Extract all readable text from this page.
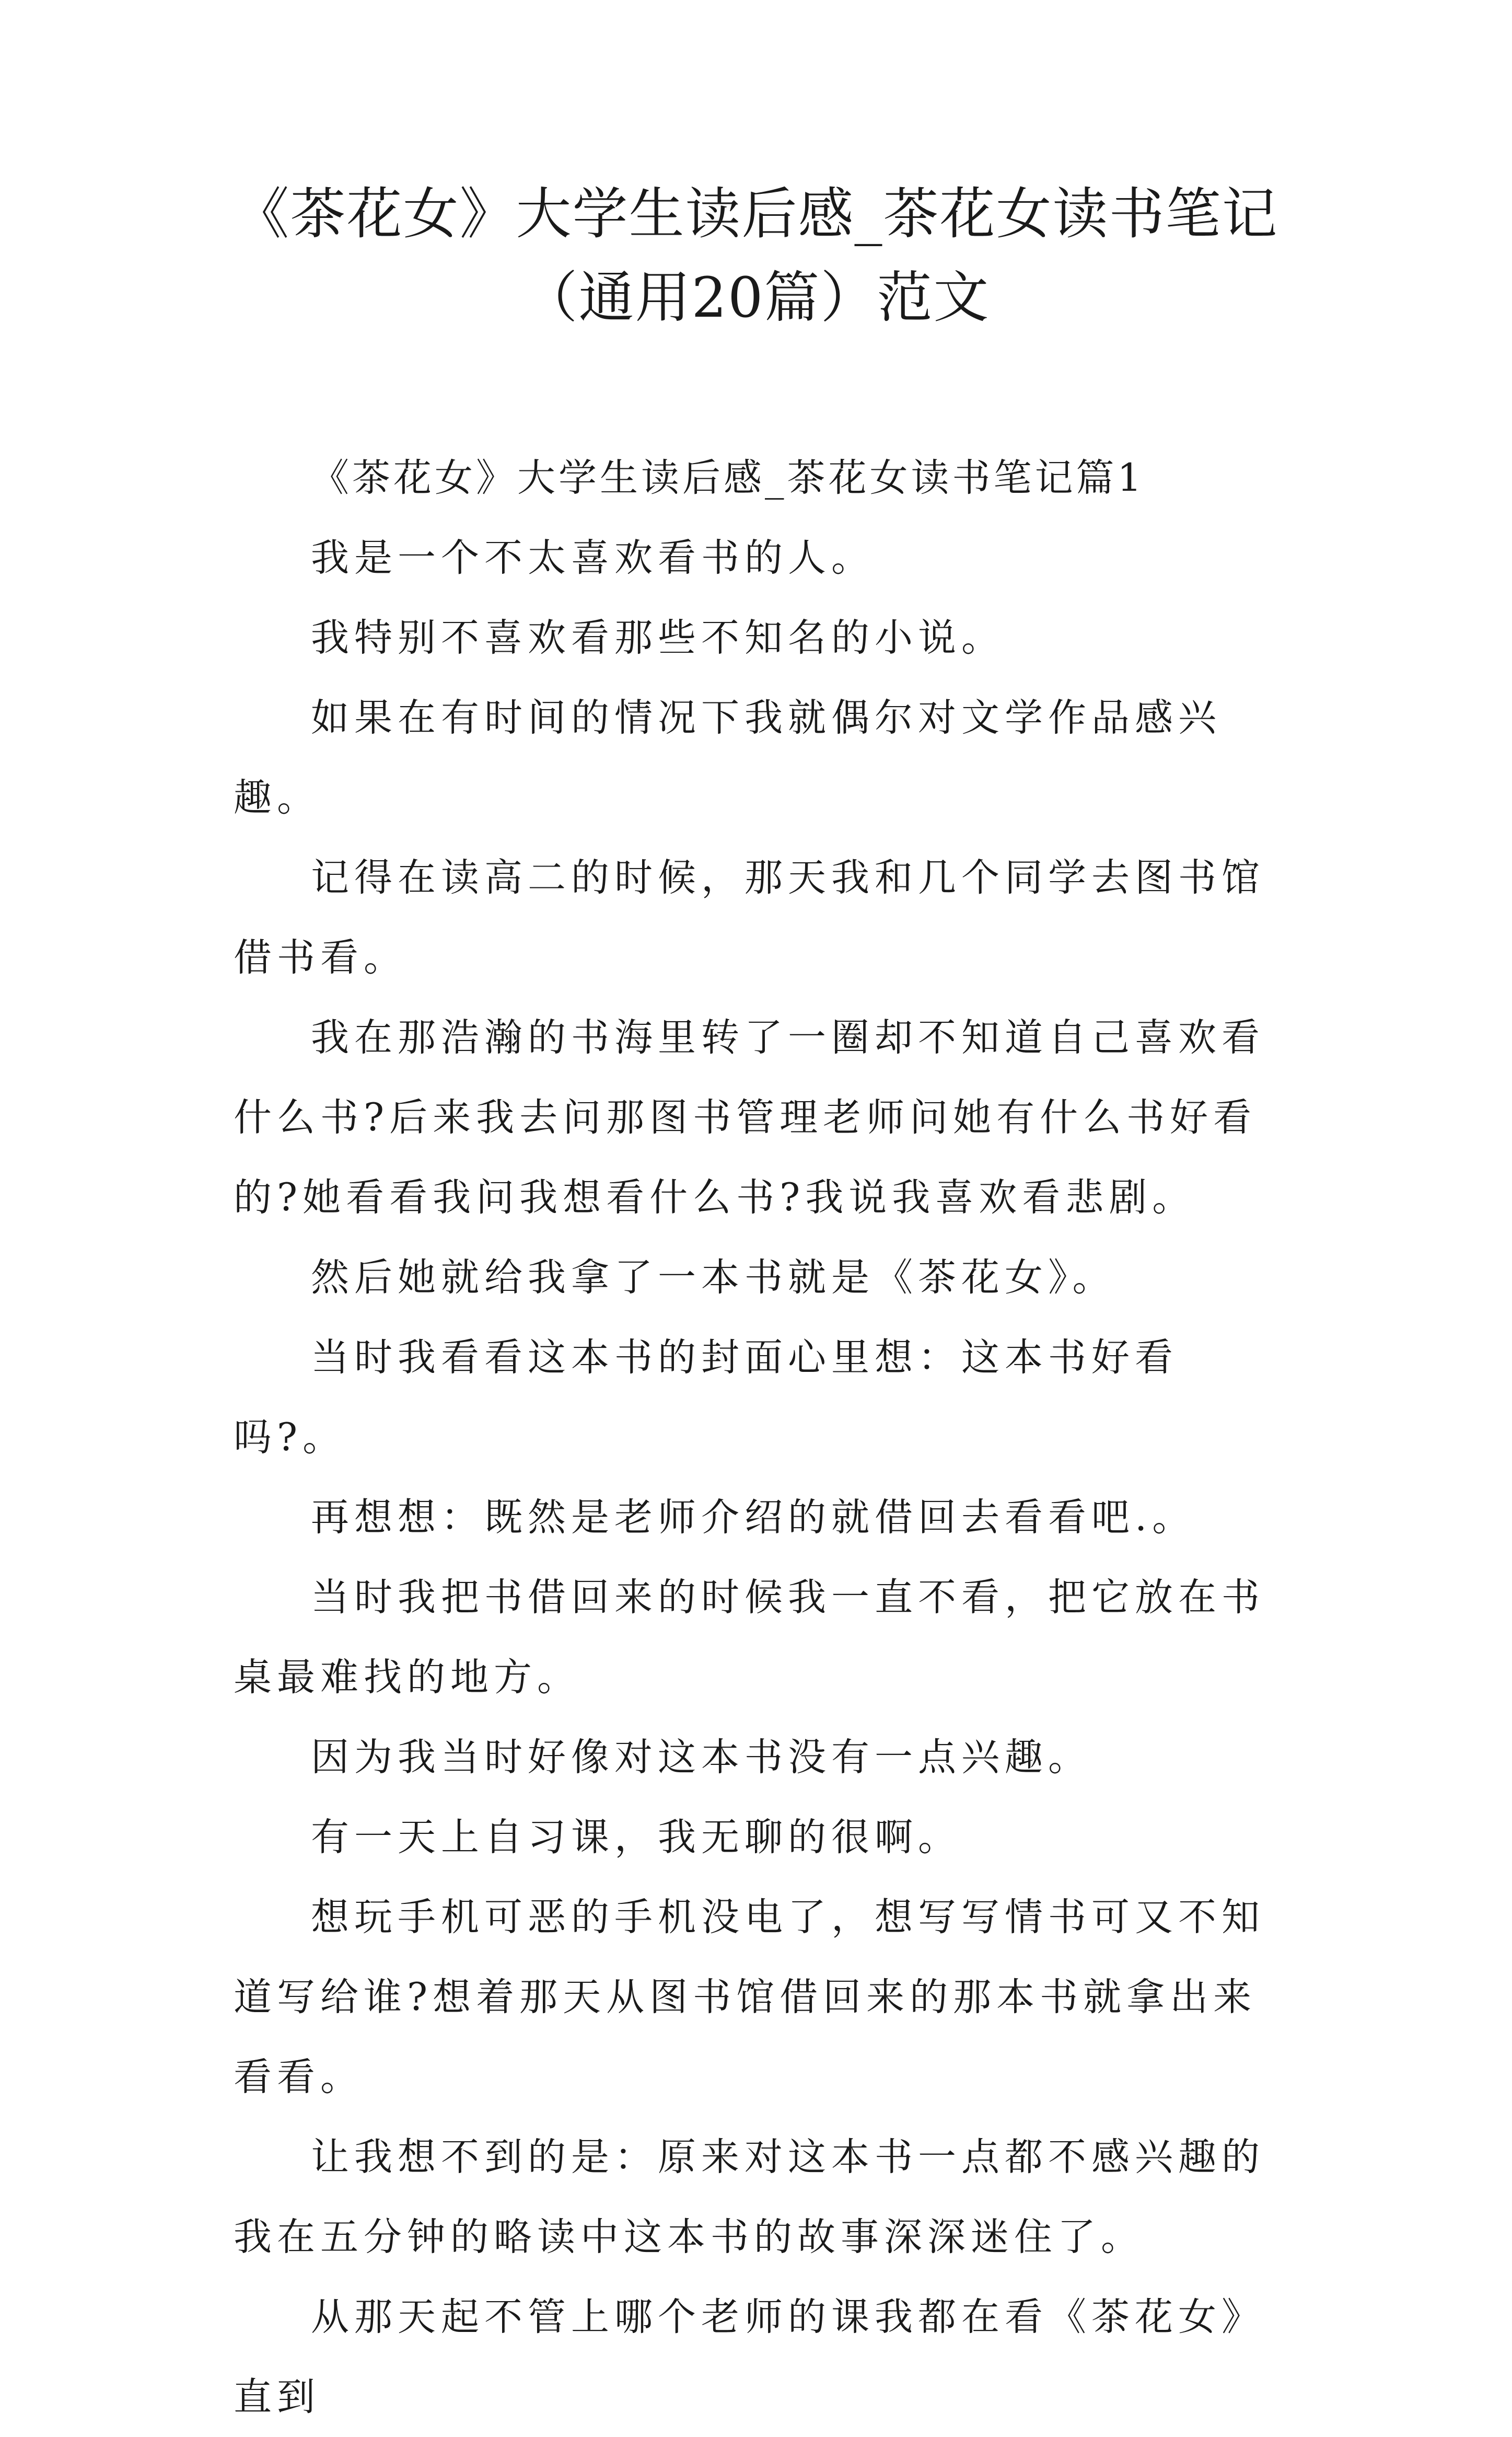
《茶花女》大学生读后感_茶花女读书笔记
（通用20篇）范文

《茶花女》大学生读后感_茶花女读书笔记篇1

我是一个不太喜欢看书的人。

我特别不喜欢看那些不知名的小说。

如果在有时间的情况下我就偶尔对文学作品感兴趣。

记得在读高二的时候，那天我和几个同学去图书馆借书看。

我在那浩瀚的书海里转了一圈却不知道自己喜欢看什么书?后来我去问那图书管理老师问她有什么书好看的?她看看我问我想看什么书?我说我喜欢看悲剧。

然后她就给我拿了一本书就是《茶花女》。

当时我看看这本书的封面心里想：这本书好看吗?。

再想想：既然是老师介绍的就借回去看看吧.。

当时我把书借回来的时候我一直不看，把它放在书桌最难找的地方。

因为我当时好像对这本书没有一点兴趣。

有一天上自习课，我无聊的很啊。

想玩手机可恶的手机没电了，想写写情书可又不知道写给谁?想着那天从图书馆借回来的那本书就拿出来看看。

让我想不到的是：原来对这本书一点都不感兴趣的我在五分钟的略读中这本书的故事深深迷住了。

从那天起不管上哪个老师的课我都在看《茶花女》直到
